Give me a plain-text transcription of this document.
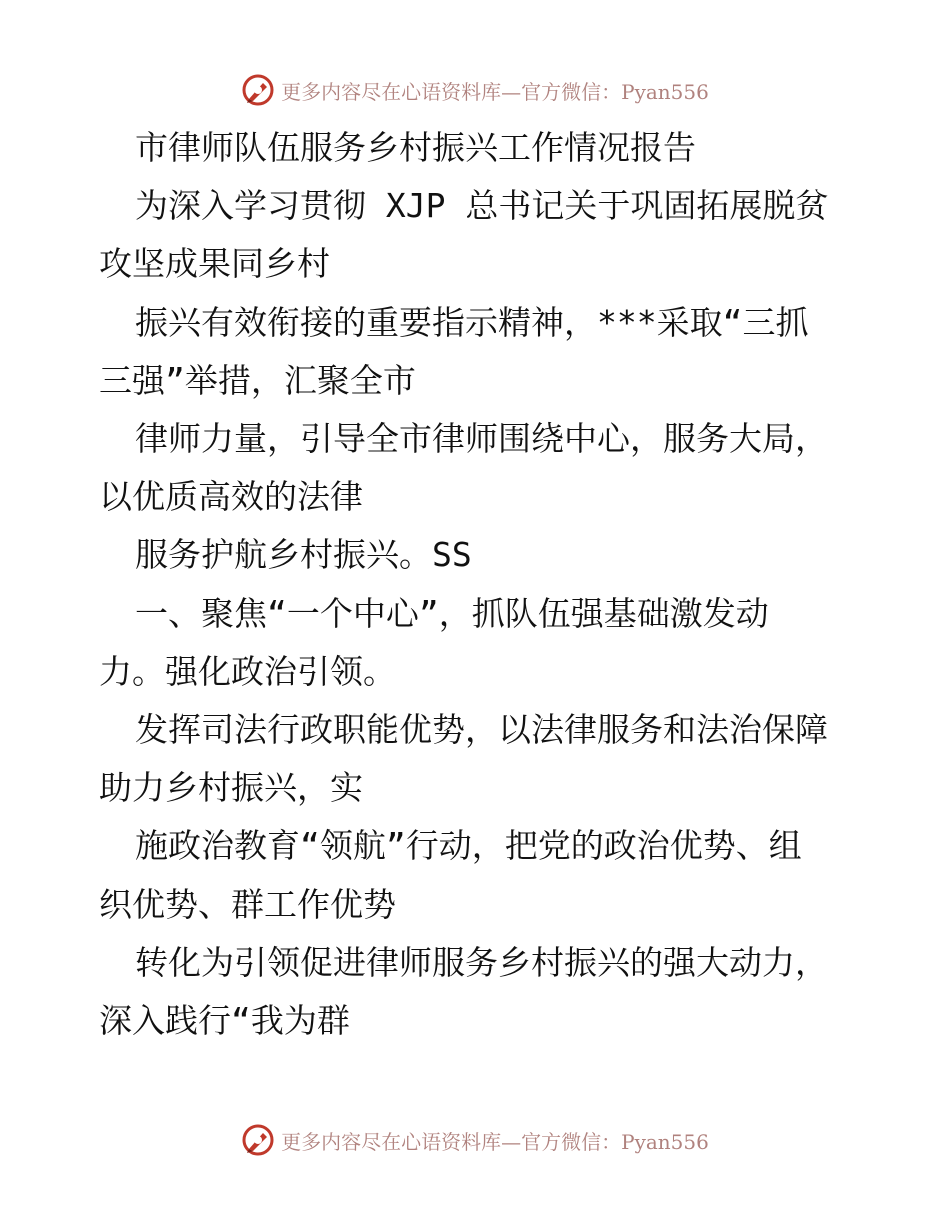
更多内容尽在心语资料库—官方微信：Pyan556
市律师队伍服务乡村振兴工作情况报告
为深入学习贯彻 XJP 总书记关于巩固拓展脱贫
攻坚成果同乡村
振兴有效衔接的重要指示精神，***采取“三抓
三强”举措，汇聚全市
律师力量，引导全市律师围绕中心，服务大局，
以优质高效的法律
服务护航乡村振兴。SS
一、聚焦“一个中心”，抓队伍强基础激发动
力。强化政治引领。
发挥司法行政职能优势，以法律服务和法治保障
助力乡村振兴，实
施政治教育“领航”行动，把党的政治优势、组
织优势、群工作优势
转化为引领促进律师服务乡村振兴的强大动力，
深入践行“我为群
更多内容尽在心语资料库—官方微信：Pyan556
